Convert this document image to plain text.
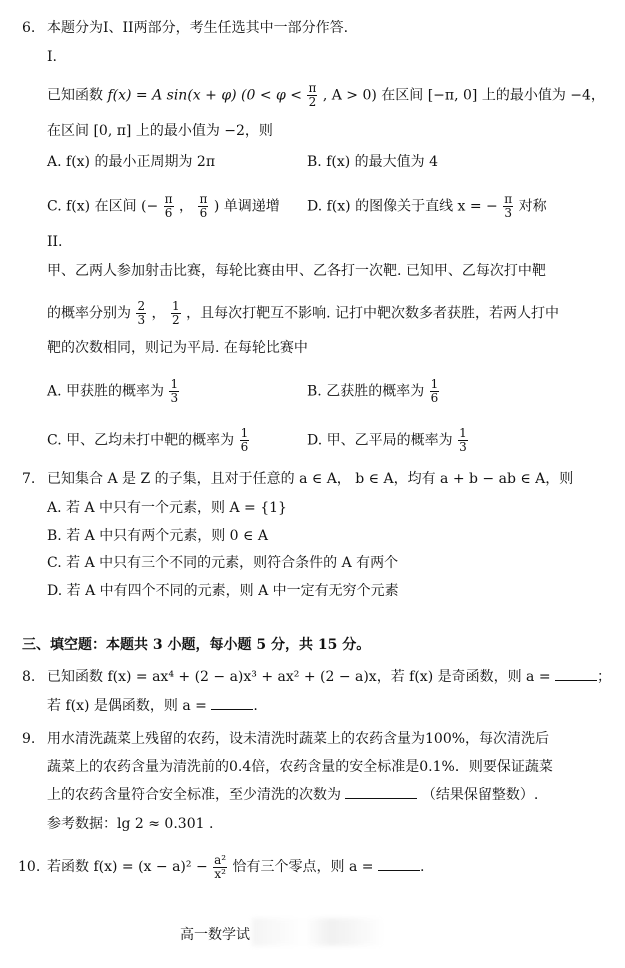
6. 本题分为I、II两部分，考生任选其中一部分作答.
I.
已知函数 f(x) = A sin(x + φ) ($0 < \varphi < \frac{\pi}{2}$ , A > 0) 在区间 [−π, 0] 上的最小值为 −4，
在区间 [0, π] 上的最小值为 −2，则
A. f(x) 的最小正周期为 2π	B. f(x) 的最大值为 4
C. f(x) 在区间 (− $\frac{\pi}{6}$ ， $\frac{\pi}{6}$ ) 单调递增 D. f(x) 的图像关于直线 x = − $\frac{\pi}{3}$ 对称
II.
甲、乙两人参加射击比赛，每轮比赛由甲、乙各打一次靶. 已知甲、乙每次打中靶
的概率分别为 $\frac{2}{3}$ ， $\frac{1}{2}$ ，且每次打靶互不影响. 记打中靶次数多者获胜，若两人打中
靶的次数相同，则记为平局. 在每轮比赛中
A. 甲获胜的概率为 $\frac{1}{3}$	B. 乙获胜的概率为 $\frac{1}{6}$
C. 甲、乙均未打中靶的概率为 $\frac{1}{6}$	D. 甲、乙平局的概率为 $\frac{1}{3}$
7. 已知集合 A 是 Z 的子集，且对于任意的 a ∈ A， b ∈ A，均有 a + b − ab ∈ A，则
A. 若 A 中只有一个元素，则 A = {1}
B. 若 A 中只有两个元素，则 0 ∈ A
C. 若 A 中只有三个不同的元素，则符合条件的 A 有两个
D. 若 A 中有四个不同的元素，则 A 中一定有无穷个元素
三、填空题：本题共 3 小题，每小题 5 分，共 15 分。
8. 已知函数 f(x) = ax⁴ + (2 − a)x³ + ax² + (2 − a)x，若 f(x) 是奇函数，则 a =	；
若 f(x) 是偶函数，则 a =	.
9. 用水清洗蔬菜上残留的农药，设未清洗时蔬菜上的农药含量为100%，每次清洗后
蔬菜上的农药含量为清洗前的0.4倍，农药含量的安全标准是0.1%．则要保证蔬菜
上的农药含量符合安全标准，至少清洗的次数为	（结果保留整数）.
参考数据：lg 2 ≈ 0.301 .
10. 若函数 $f(x) = (x - a)^2 - \frac{\text{a²}}{\text{x²}}$ 恰有三个零点，则 a =	.
高一数学试
